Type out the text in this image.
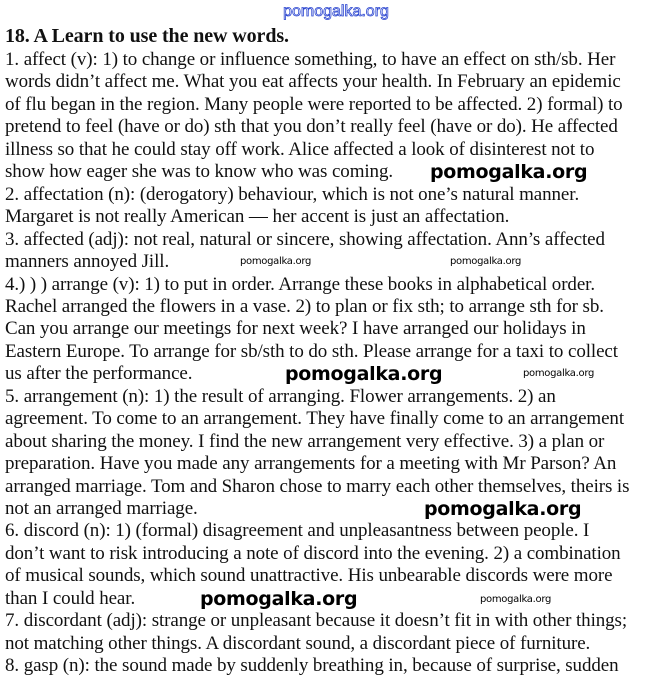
pomogalka.org
18. A Learn to use the new words.
1. affect (v): 1) to change or influence something, to have an effect on sth/sb. Her
words didn’t affect me. What you eat affects your health. In February an epidemic
of flu began in the region. Many people were reported to be affected. 2) formal) to
pretend to feel (have or do) sth that you don’t really feel (have or do). He affected
illness so that he could stay off work. Alice affected a look of disinterest not to
show how eager she was to know who was coming.
2. affectation (n): (derogatory) behaviour, which is not one’s natural manner.
Margaret is not really American — her accent is just an affectation.
3. affected (adj): not real, natural or sincere, showing affectation. Ann’s affected
manners annoyed Jill.
4.) ) ) arrange (v): 1) to put in order. Arrange these books in alphabetical order.
Rachel arranged the flowers in a vase. 2) to plan or fix sth; to arrange sth for sb.
Can you arrange our meetings for next week? I have arranged our holidays in
Eastern Europe. To arrange for sb/sth to do sth. Please arrange for a taxi to collect
us after the performance.
5. arrangement (n): 1) the result of arranging. Flower arrangements. 2) an
agreement. To come to an arrangement. They have finally come to an arrangement
about sharing the money. I find the new arrangement very effective. 3) a plan or
preparation. Have you made any arrangements for a meeting with Mr Parson? An
arranged marriage. Tom and Sharon chose to marry each other themselves, theirs is
not an arranged marriage.
6. discord (n): 1) (formal) disagreement and unpleasantness between people. I
don’t want to risk introducing a note of discord into the evening. 2) a combination
of musical sounds, which sound unattractive. His unbearable discords were more
than I could hear.
7. discordant (adj): strange or unpleasant because it doesn’t fit in with other things;
not matching other things. A discordant sound, a discordant piece of furniture.
8. gasp (n): the sound made by suddenly breathing in, because of surprise, sudden
pomogalka.org
pomogalka.org
pomogalka.org
pomogalka.org
pomogalka.org
pomogalka.org
pomogalka.org
pomogalka.org
